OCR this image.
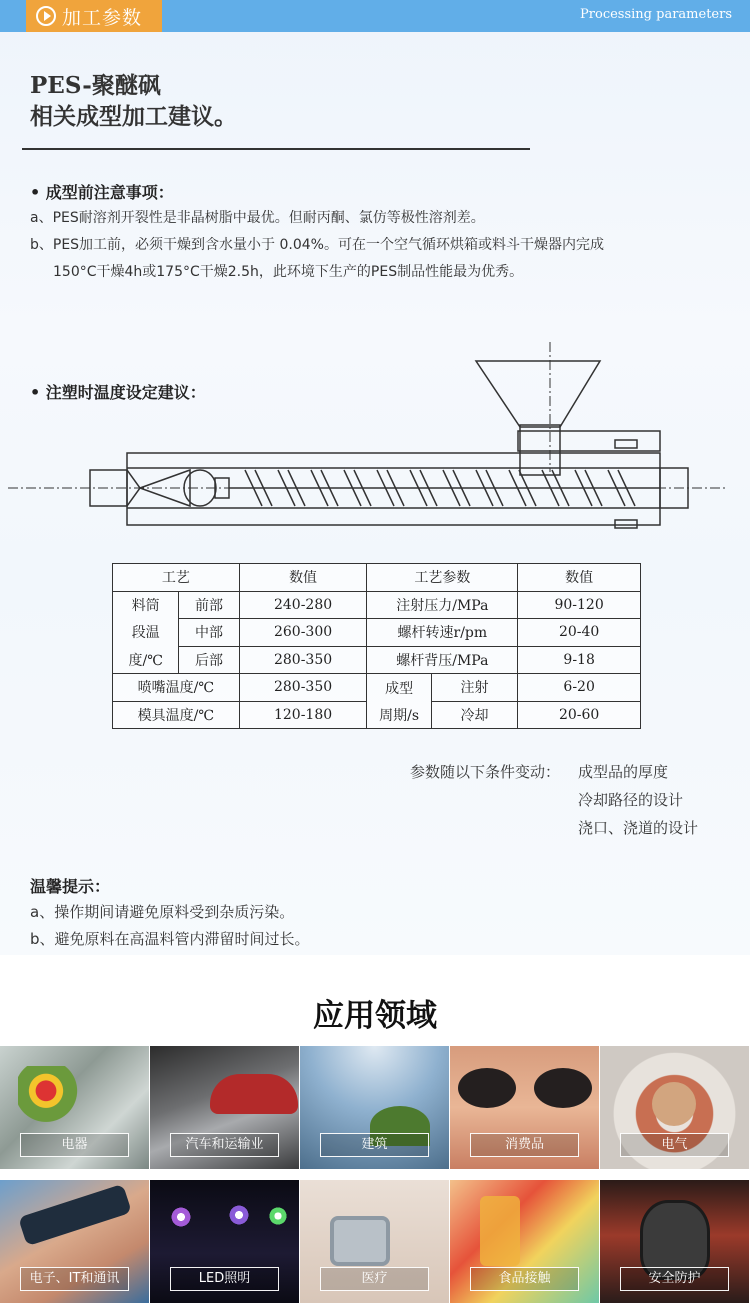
加工参数	Processing parameters
PES-聚醚砜
相关成型加工建议。
• 成型前注意事项：
a、PES耐溶剂开裂性是非晶树脂中最优。但耐丙酮、氯仿等极性溶剂差。
b、PES加工前，必须干燥到含水量小于 0.04%。可在一个空气循环烘箱或料斗干燥器内完成
150°C干燥4h或175°C干燥2.5h，此环境下生产的PES制品性能最为优秀。
• 注塑时温度设定建议：
工艺		数值	工艺参数		数值
料筒	前部	240-280	注射压力/MPa		90-120
段温	中部	260-300	螺杆转速r/pm		20-40
度/℃	后部	280-350	螺杆背压/MPa		9-18
喷嘴温度/℃		280-350	成型	注射	6-20
模具温度/℃		120-180	周期/s	冷却	20-60
参数随以下条件变动： 成型品的厚度
冷却路径的设计
浇口、浇道的设计
温馨提示：
a、操作期间请避免原料受到杂质污染。
b、避免原料在高温料管内滞留时间过长。
应用领域
电器	汽车和运输业	建筑	消费品	电气
电子、IT和通讯	LED照明	医疗	食品接触	安全防护
